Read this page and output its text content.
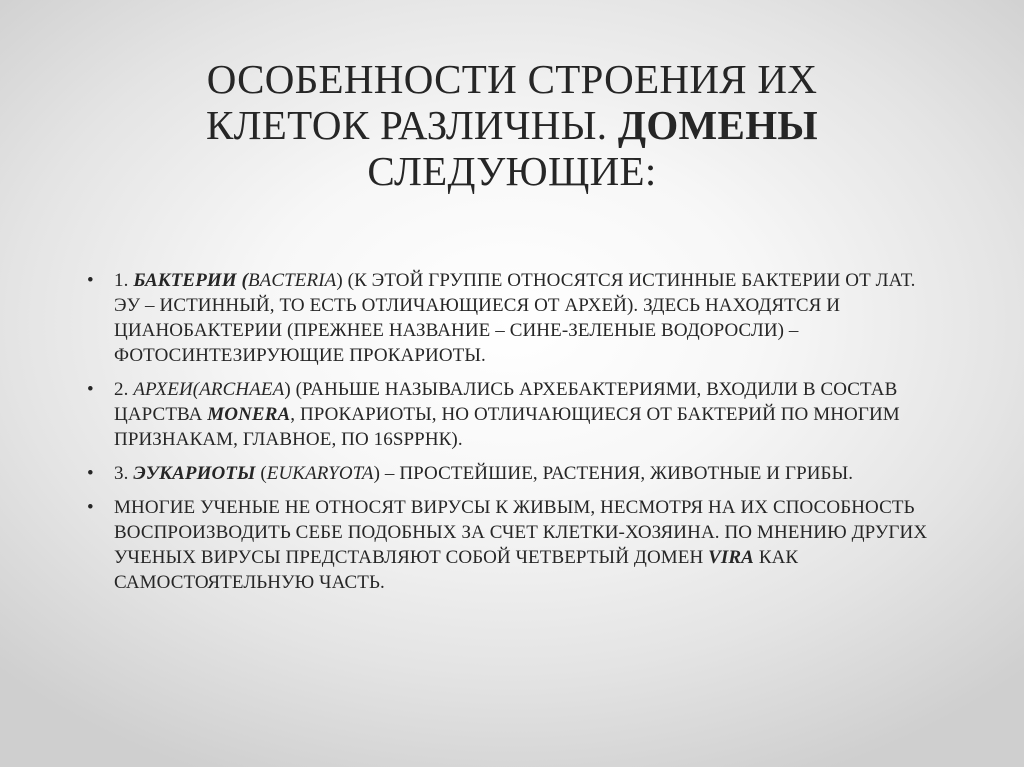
ОСОБЕННОСТИ СТРОЕНИЯ ИХ
КЛЕТОК РАЗЛИЧНЫ. ДОМЕНЫ
СЛЕДУЮЩИЕ:
• 1. БАКТЕРИИ (BACTERIA) (К ЭТОЙ ГРУППЕ ОТНОСЯТСЯ ИСТИННЫЕ БАКТЕРИИ ОТ ЛАТ. ЭУ – ИСТИННЫЙ, ТО ЕСТЬ ОТЛИЧАЮЩИЕСЯ ОТ АРХЕЙ). ЗДЕСЬ НАХОДЯТСЯ И ЦИАНОБАКТЕРИИ (ПРЕЖНЕЕ НАЗВАНИЕ – СИНЕ-ЗЕЛЕНЫЕ ВОДОРОСЛИ) – ФОТОСИНТЕЗИРУЮЩИЕ ПРОКАРИОТЫ.
• 2. АРХЕИ(ARCHAEA) (РАНЬШЕ НАЗЫВАЛИСЬ АРХЕБАКТЕРИЯМИ, ВХОДИЛИ В СОСТАВ ЦАРСТВА MONERA, ПРОКАРИОТЫ, НО ОТЛИЧАЮЩИЕСЯ ОТ БАКТЕРИЙ ПО МНОГИМ ПРИЗНАКАМ, ГЛАВНОЕ, ПО 16SРРНК).
• 3. ЭУКАРИОТЫ (EUKARYOTA) – ПРОСТЕЙШИЕ, РАСТЕНИЯ, ЖИВОТНЫЕ И ГРИБЫ.
• МНОГИЕ УЧЕНЫЕ НЕ ОТНОСЯТ ВИРУСЫ К ЖИВЫМ, НЕСМОТРЯ НА ИХ СПОСОБНОСТЬ ВОСПРОИЗВОДИТЬ СЕБЕ ПОДОБНЫХ ЗА СЧЕТ КЛЕТКИ-ХОЗЯИНА. ПО МНЕНИЮ ДРУГИХ УЧЕНЫХ ВИРУСЫ ПРЕДСТАВЛЯЮТ СОБОЙ ЧЕТВЕРТЫЙ ДОМЕН VIRA КАК САМОСТОЯТЕЛЬНУЮ ЧАСТЬ.
